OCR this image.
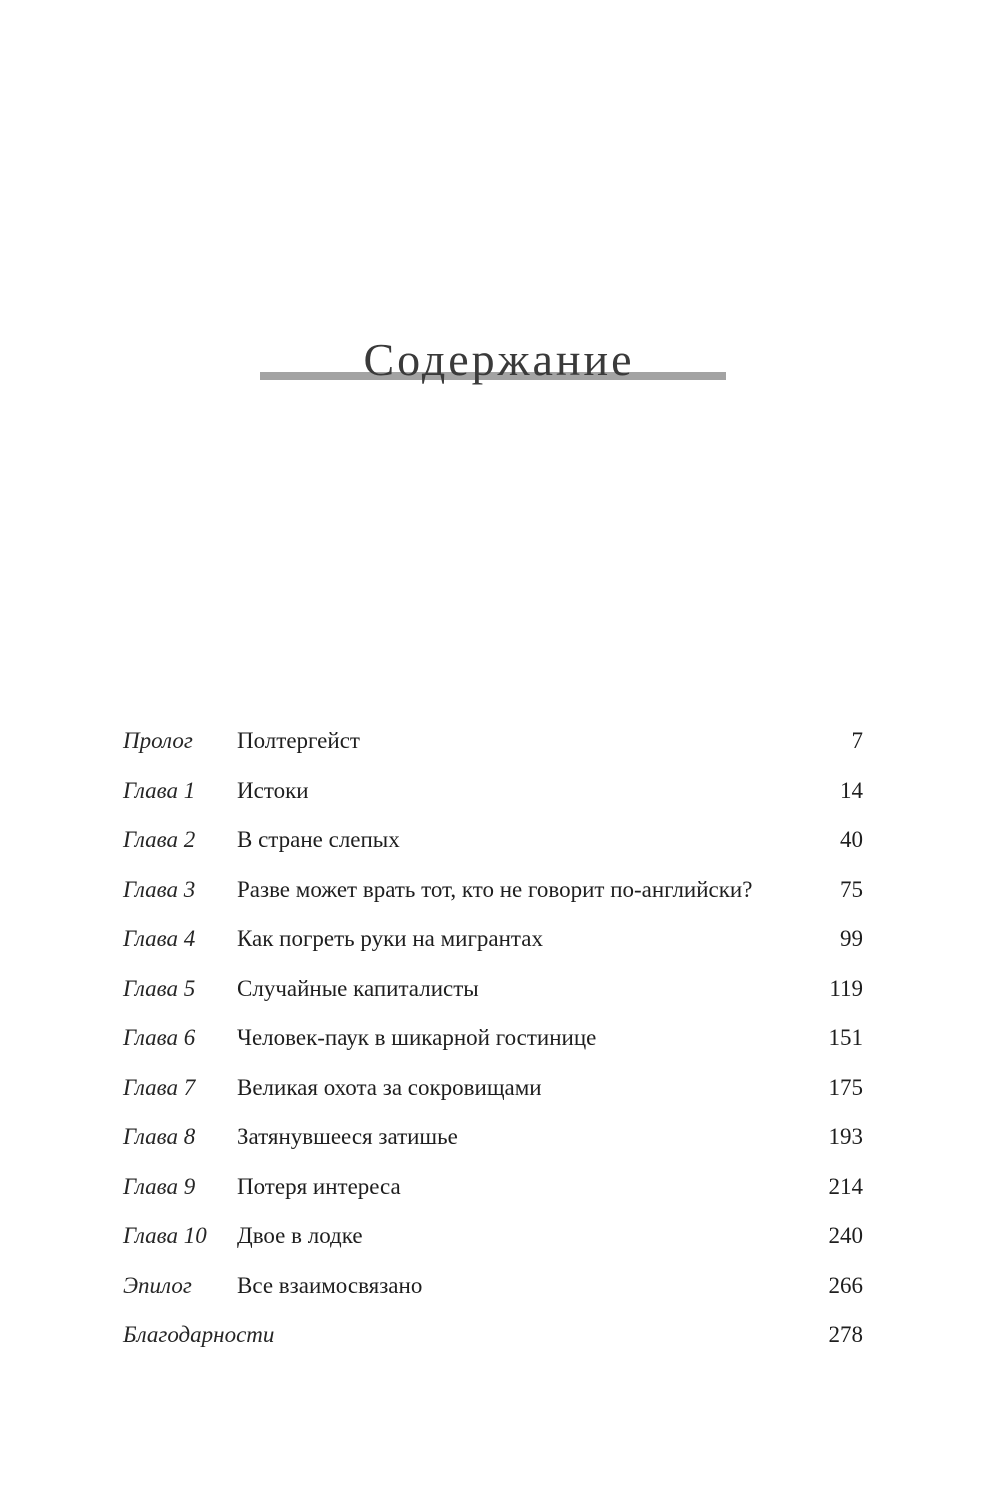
Содержание
Пролог Полтергейст	7
Глава 1 Истоки	14
Глава 2 В стране слепых	40
Глава 3 Разве может врать тот, кто не говорит по-английски?	75
Глава 4 Как погреть руки на мигрантах	99
Глава 5 Случайные капиталисты	119
Глава 6 Человек-паук в шикарной гостинице	151
Глава 7 Великая охота за сокровищами	175
Глава 8 Затянувшееся затишье	193
Глава 9 Потеря интереса	214
Глава 10 Двое в лодке	240
Эпилог Все взаимосвязано	266
Благодарности	278
